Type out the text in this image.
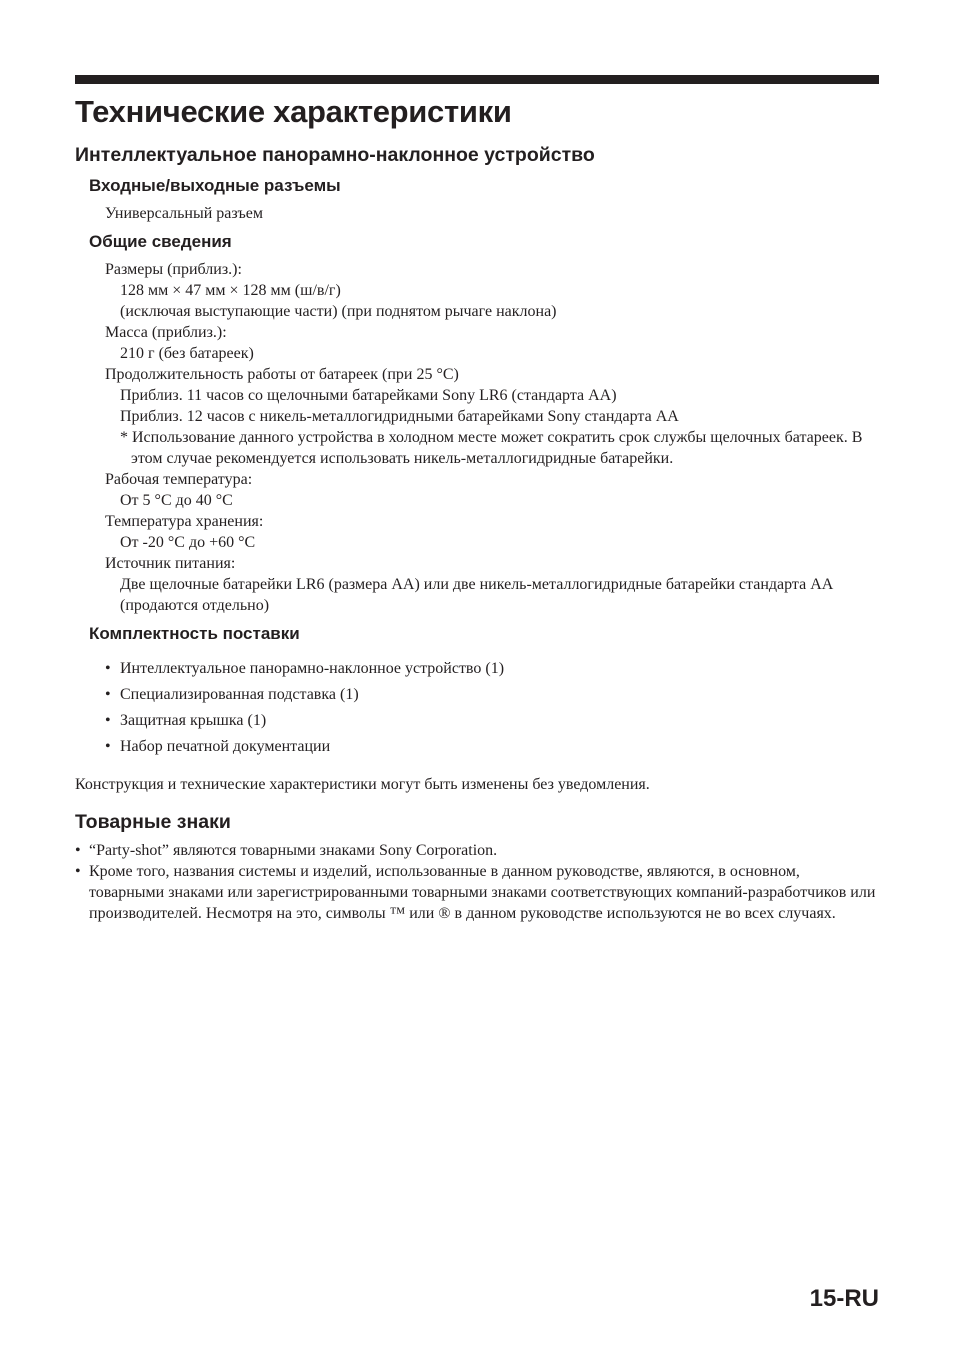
Технические характеристики
Интеллектуальное панорамно-наклонное устройство
Входные/выходные разъемы
Универсальный разъем
Общие сведения
Размеры (приблиз.):
128 мм × 47 мм × 128 мм (ш/в/г)
(исключая выступающие части) (при поднятом рычаге наклона)
Масса (приблиз.):
210 г (без батареек)
Продолжительность работы от батареек (при 25 °C)
Приблиз. 11 часов со щелочными батарейками Sony LR6 (стандарта AA)
Приблиз. 12 часов с никель-металлогидридными батарейками Sony стандарта AA
* Использование данного устройства в холодном месте может сократить срок службы щелочных батареек. В этом случае рекомендуется использовать никель-металлогидридные батарейки.
Рабочая температура:
От 5 °C до 40 °C
Температура хранения:
От -20 °C до +60 °C
Источник питания:
Две щелочные батарейки LR6 (размера AA) или две никель-металлогидридные батарейки стандарта AA (продаются отдельно)
Комплектность поставки
• Интеллектуальное панорамно-наклонное устройство (1)
• Специализированная подставка (1)
• Защитная крышка (1)
• Набор печатной документации
Конструкция и технические характеристики могут быть изменены без уведомления.
Товарные знаки
• “Party-shot” являются товарными знаками Sony Corporation.
• Кроме того, названия системы и изделий, использованные в данном руководстве, являются, в основном, товарными знаками или зарегистрированными товарными знаками соответствующих компаний-разработчиков или производителей. Несмотря на это, символы ™ или ® в данном руководстве используются не во всех случаях.
15-RU
